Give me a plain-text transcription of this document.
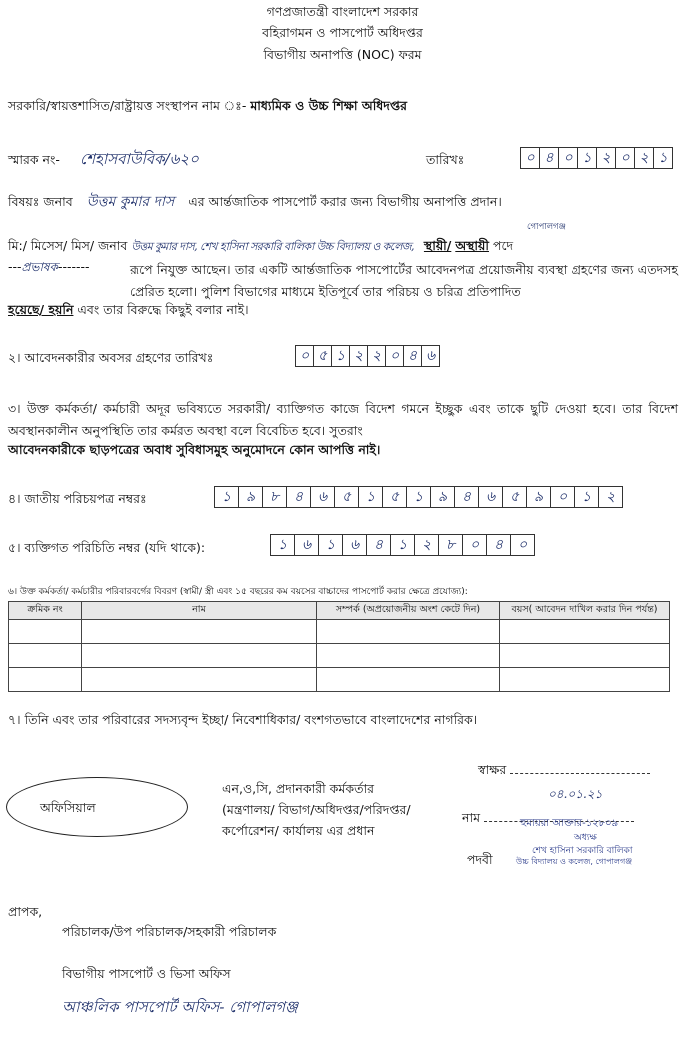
গণপ্রজাতন্ত্রী বাংলাদেশ সরকার
বহিরাগমন ও পাসপোর্ট অধিদপ্তর
বিভাগীয় অনাপত্তি (NOC) ফরম
সরকারি/স্বায়ত্তশাসিত/রাষ্ট্রায়ত্ত সংস্থাপন নাম ঃ- মাধ্যমিক ও উচ্চ শিক্ষা অধিদপ্তর
স্মারক নং- শেহাসবাউবিক/৬২০	তারিখঃ	০ ৪ ০ ১ ২ ০ ২ ১
বিষয়ঃ জনাব উত্তম কুমার দাস এর আর্ন্তজাতিক পাসপোর্ট করার জন্য বিভাগীয় অনাপত্তি প্রদান।
গোপালগঞ্জ
মি:/ মিসেস/ মিস/ জনাব উত্তম কুমার দাস, শেখ হাসিনা সরকারি বালিকা উচ্চ বিদ্যালয় ও কলেজ, স্থায়ী/ অস্থায়ী পদে
---প্রভাষক-------	রূপে নিযুক্ত আছেন। তার একটি আর্ন্তজাতিক পাসপোর্টের আবেদনপত্র প্রয়োজনীয় ব্যবস্থা গ্রহণের জন্য এতদসহ প্রেরিত হলো। পুলিশ বিভাগের মাধ্যমে ইতিপূর্বে তার পরিচয় ও চরিত্র প্রতিপাদিত
হয়েছে/ হয়নি এবং তার বিরুদ্ধে কিছুই বলার নাই।
২। আবেদনকারীর অবসর গ্রহণের তারিখঃ	০ ৫ ১ ২ ২ ০ ৪ ৬
৩। উক্ত কর্মকর্তা/ কর্মচারী অদূর ভবিষ্যতে সরকারী/ ব্যাক্তিগত কাজে বিদেশ গমনে ইচ্ছুক এবং তাকে ছুটি দেওয়া হবে। তার বিদেশ অবস্থানকালীন অনুপস্থিতি তার কর্মরত অবস্থা বলে বিবেচিত হবে। সুতরাং
আবেদনকারীকে ছাড়পত্রের অবাধ সুবিধাসমুহ অনুমোদনে কোন আপত্তি নাই।
৪। জাতীয় পরিচয়পত্র নম্বরঃ	১	৯	৮	৪	৬	৫	১	৫	১	৯	৪	৬	৫	৯	০	১	২
৫। ব্যক্তিগত পরিচিতি নম্বর (যদি থাকে):	১	৬	১	৬	৪	১	২	৮	০	৪	০
৬। উক্ত কর্মকর্তা/ কর্মচারীর পরিবারবর্গের বিবরণ (স্বামী/ স্ত্রী এবং ১৫ বছরের কম বয়সের বাচ্চাদের পাসপোর্ট করার ক্ষেত্রে প্রযোজ্য):
ক্রমিক নং	নাম	সম্পর্ক (অপ্রয়োজনীয় অংশ কেটে দিন)	বয়স( আবেদন দাখিল করার দিন পর্যন্ত)

৭। তিনি এবং তার পরিবারের সদস্যবৃন্দ ইচ্ছা/ নিবেশাধিকার/ বংশগতভাবে বাংলাদেশের নাগরিক।
স্বাক্ষর
অফিসিয়াল
এন,ও,সি, প্রদানকারী কর্মকর্তার
(মন্ত্রণালয়/ বিভাগ/অধিদপ্তর/পরিদপ্তর/
কর্পোরেশন/ কার্যালয় এর প্রধান
০৪.০১.২১
নাম	হুমায়রা আক্তার-১২৮০৯
অধ্যক্ষ
শেখ হাসিনা সরকারি বালিকা
উচ্চ বিদ্যালয় ও কলেজ, গোপালগঞ্জ
পদবী
প্রাপক,
পরিচালক/উপ পরিচালক/সহকারী পরিচালক
বিভাগীয় পাসপোর্ট ও ভিসা অফিস
আঞ্চলিক পাসপোর্ট অফিস- গোপালগঞ্জ
